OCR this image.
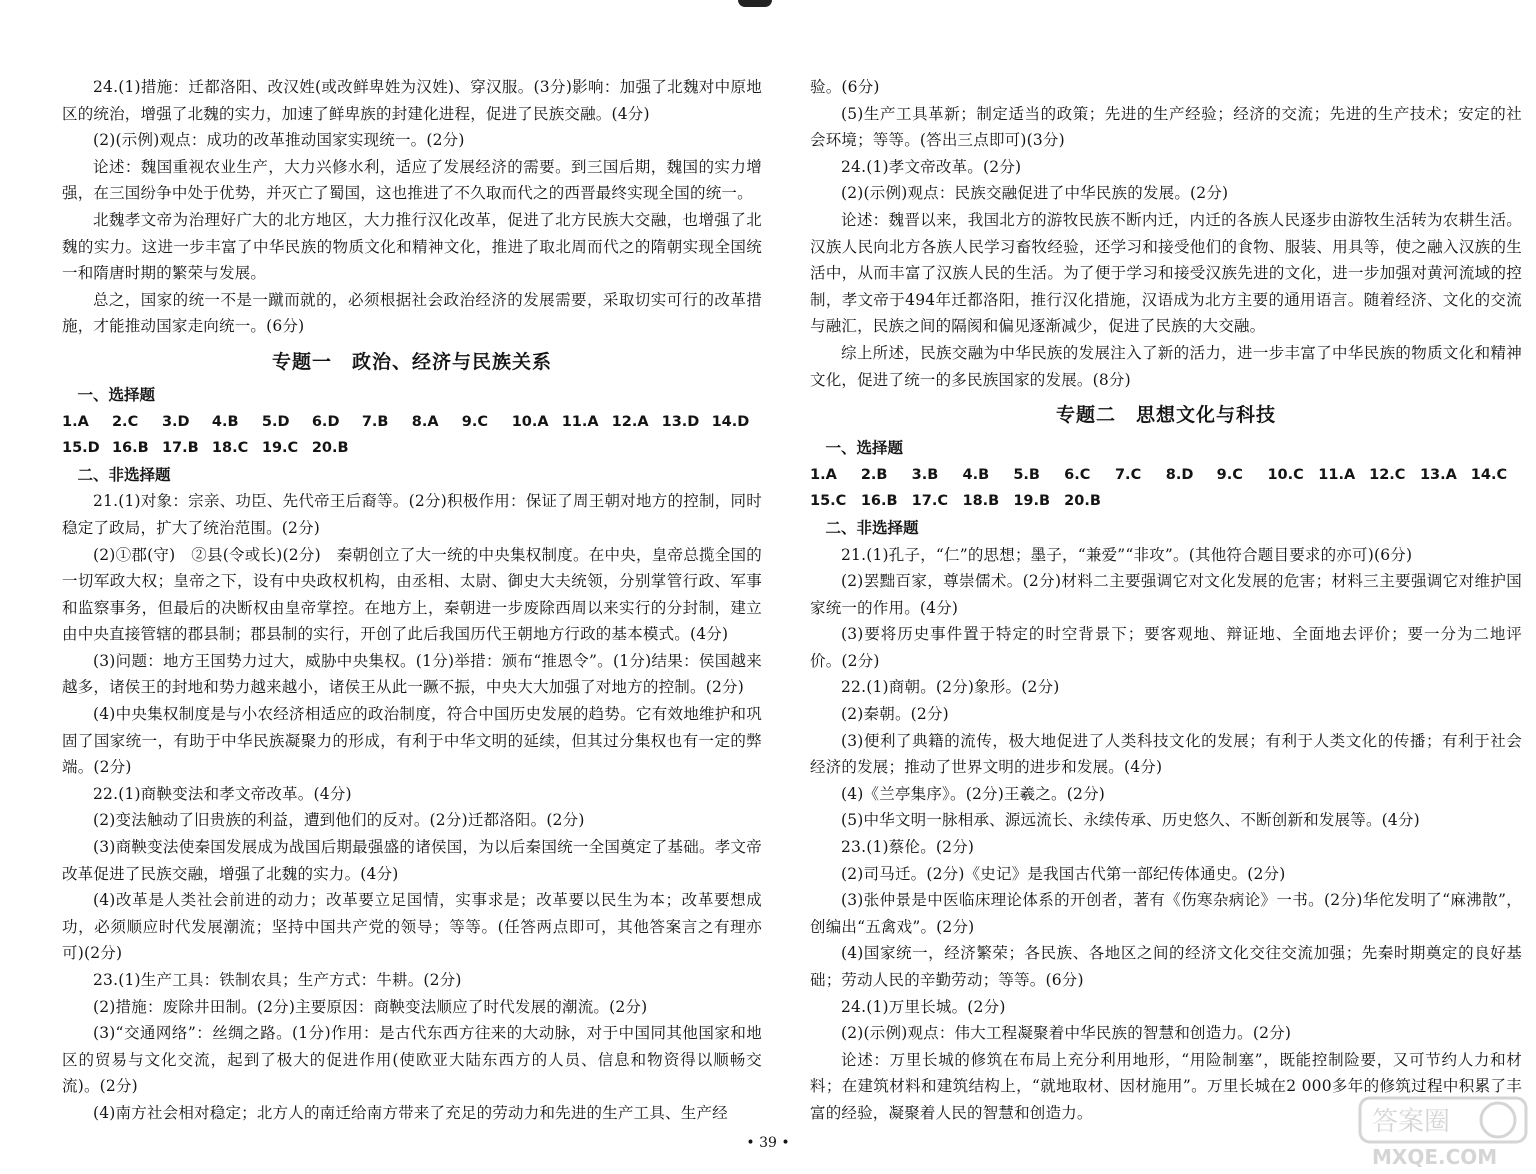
24.(1)措施：迁都洛阳、改汉姓(或改鲜卑姓为汉姓)、穿汉服。(3分)影响：加强了北魏对中原地区的统治，增强了北魏的实力，加速了鲜卑族的封建化进程，促进了民族交融。(4分)

(2)(示例)观点：成功的改革推动国家实现统一。(2分)

论述：魏国重视农业生产，大力兴修水利，适应了发展经济的需要。到三国后期，魏国的实力增强，在三国纷争中处于优势，并灭亡了蜀国，这也推进了不久取而代之的西晋最终实现全国的统一。

北魏孝文帝为治理好广大的北方地区，大力推行汉化改革，促进了北方民族大交融，也增强了北魏的实力。这进一步丰富了中华民族的物质文化和精神文化，推进了取北周而代之的隋朝实现全国统一和隋唐时期的繁荣与发展。

总之，国家的统一不是一蹴而就的，必须根据社会政治经济的发展需要，采取切实可行的改革措施，才能推动国家走向统一。(6分)

专题一　政治、经济与民族关系

一、选择题

1.A	2.C	3.D	4.B	5.D	6.D	7.B	8.A	9.C	10.A 11.A 12.A 13.D 14.D
15.D 16.B 17.B 18.C 19.C 20.B

二、非选择题

21.(1)对象：宗亲、功臣、先代帝王后裔等。(2分)积极作用：保证了周王朝对地方的控制，同时稳定了政局，扩大了统治范围。(2分)

(2)①郡(守)　②县(令或长)(2分)　秦朝创立了大一统的中央集权制度。在中央，皇帝总揽全国的一切军政大权；皇帝之下，设有中央政权机构，由丞相、太尉、御史大夫统领，分别掌管行政、军事和监察事务，但最后的决断权由皇帝掌控。在地方上，秦朝进一步废除西周以来实行的分封制，建立由中央直接管辖的郡县制；郡县制的实行，开创了此后我国历代王朝地方行政的基本模式。(4分)

(3)问题：地方王国势力过大，威胁中央集权。(1分)举措：颁布“推恩令”。(1分)结果：侯国越来越多，诸侯王的封地和势力越来越小，诸侯王从此一蹶不振，中央大大加强了对地方的控制。(2分)

(4)中央集权制度是与小农经济相适应的政治制度，符合中国历史发展的趋势。它有效地维护和巩固了国家统一，有助于中华民族凝聚力的形成，有利于中华文明的延续，但其过分集权也有一定的弊端。(2分)

22.(1)商鞅变法和孝文帝改革。(4分)

(2)变法触动了旧贵族的利益，遭到他们的反对。(2分)迁都洛阳。(2分)

(3)商鞅变法使秦国发展成为战国后期最强盛的诸侯国，为以后秦国统一全国奠定了基础。孝文帝改革促进了民族交融，增强了北魏的实力。(4分)

(4)改革是人类社会前进的动力；改革要立足国情，实事求是；改革要以民生为本；改革要想成功，必须顺应时代发展潮流；坚持中国共产党的领导；等等。(任答两点即可，其他答案言之有理亦可)(2分)

23.(1)生产工具：铁制农具；生产方式：牛耕。(2分)

(2)措施：废除井田制。(2分)主要原因：商鞅变法顺应了时代发展的潮流。(2分)

(3)“交通网络”：丝绸之路。(1分)作用：是古代东西方往来的大动脉，对于中国同其他国家和地区的贸易与文化交流，起到了极大的促进作用(使欧亚大陆东西方的人员、信息和物资得以顺畅交流)。(2分)

(4)南方社会相对稳定；北方人的南迁给南方带来了充足的劳动力和先进的生产工具、生产经

验。(6分)

(5)生产工具革新；制定适当的政策；先进的生产经验；经济的交流；先进的生产技术；安定的社会环境；等等。(答出三点即可)(3分)

24.(1)孝文帝改革。(2分)

(2)(示例)观点：民族交融促进了中华民族的发展。(2分)

论述：魏晋以来，我国北方的游牧民族不断内迁，内迁的各族人民逐步由游牧生活转为农耕生活。汉族人民向北方各族人民学习畜牧经验，还学习和接受他们的食物、服装、用具等，使之融入汉族的生活中，从而丰富了汉族人民的生活。为了便于学习和接受汉族先进的文化，进一步加强对黄河流域的控制，孝文帝于494年迁都洛阳，推行汉化措施，汉语成为北方主要的通用语言。随着经济、文化的交流与融汇，民族之间的隔阂和偏见逐渐减少，促进了民族的大交融。

综上所述，民族交融为中华民族的发展注入了新的活力，进一步丰富了中华民族的物质文化和精神文化，促进了统一的多民族国家的发展。(8分)

专题二　思想文化与科技

一、选择题

1.A	2.B	3.B	4.B	5.B	6.C	7.C	8.D	9.C	10.C	11.A 12.C	13.A 14.C
15.C	16.B 17.C	18.B 19.B 20.B

二、非选择题

21.(1)孔子，“仁”的思想；墨子，“兼爱”“非攻”。(其他符合题目要求的亦可)(6分)

(2)罢黜百家，尊崇儒术。(2分)材料二主要强调它对文化发展的危害；材料三主要强调它对维护国家统一的作用。(4分)

(3)要将历史事件置于特定的时空背景下；要客观地、辩证地、全面地去评价；要一分为二地评价。(2分)

22.(1)商朝。(2分)象形。(2分)

(2)秦朝。(2分)

(3)便利了典籍的流传，极大地促进了人类科技文化的发展；有利于人类文化的传播；有利于社会经济的发展；推动了世界文明的进步和发展。(4分)

(4)《兰亭集序》。(2分)王羲之。(2分)

(5)中华文明一脉相承、源远流长、永续传承、历史悠久、不断创新和发展等。(4分)

23.(1)蔡伦。(2分)

(2)司马迁。(2分)《史记》是我国古代第一部纪传体通史。(2分)

(3)张仲景是中医临床理论体系的开创者，著有《伤寒杂病论》一书。(2分)华佗发明了“麻沸散”，创编出“五禽戏”。(2分)

(4)国家统一，经济繁荣；各民族、各地区之间的经济文化交往交流加强；先秦时期奠定的良好基础；劳动人民的辛勤劳动；等等。(6分)

24.(1)万里长城。(2分)

(2)(示例)观点：伟大工程凝聚着中华民族的智慧和创造力。(2分)

论述：万里长城的修筑在布局上充分利用地形，“用险制塞”，既能控制险要，又可节约人力和材料；在建筑材料和建筑结构上，“就地取材、因材施用”。万里长城在2 000多年的修筑过程中积累了丰富的经验，凝聚着人民的智慧和创造力。

• 39 •
答案圈
MXQE.COM
